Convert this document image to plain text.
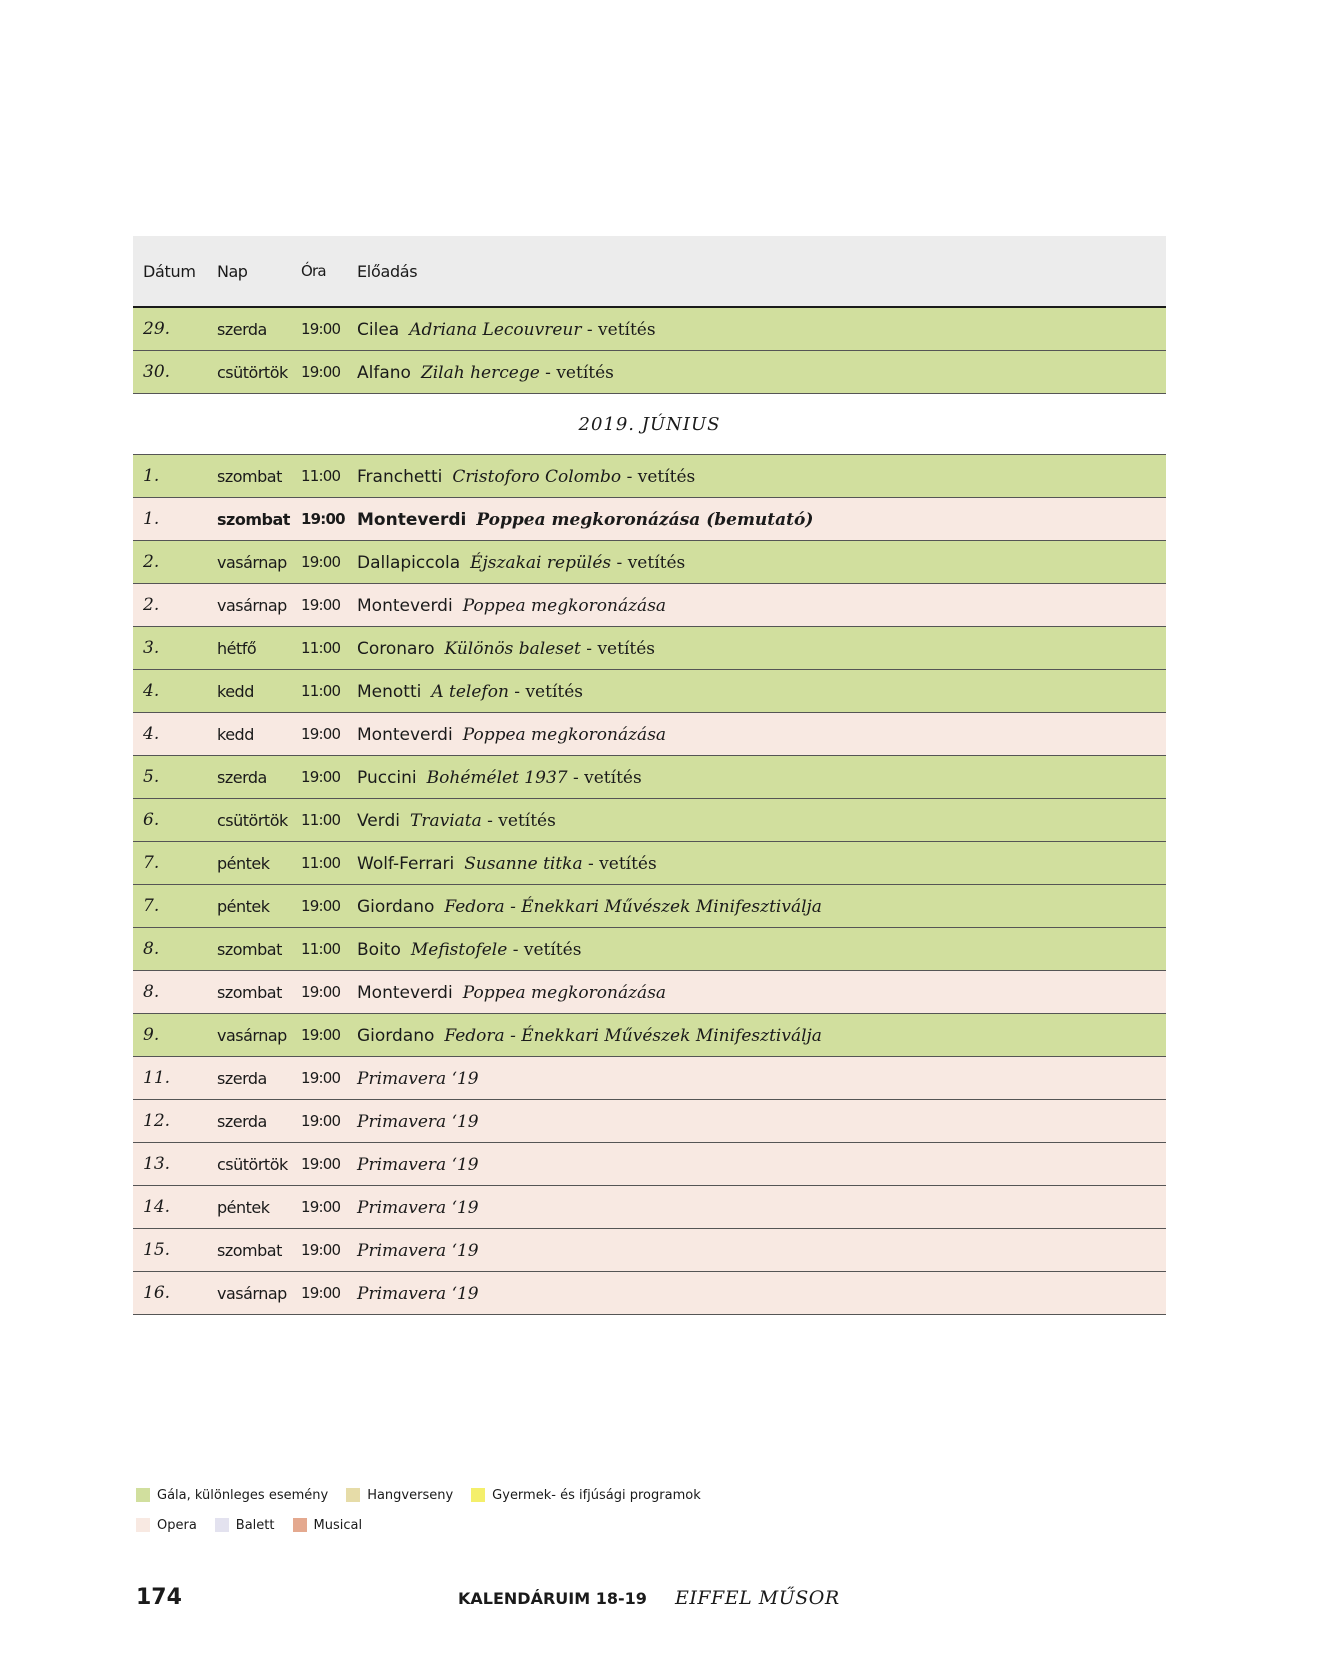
Dátum	Nap	Óra	Előadás
29.	szerda	19:00 Cilea Adriana Lecouvreur - vetítés
30.	csütörtök 19:00 Alfano Zilah hercege - vetítés
2019. JÚNIUS
1.	szombat	11:00 Franchetti Cristoforo Colombo - vetítés
1.	szombat 19:00 Monteverdi Poppea megkoronázása (bemutató)
2.	vasárnap 19:00 Dallapiccola Éjszakai repülés - vetítés
2.	vasárnap 19:00 Monteverdi Poppea megkoronázása
3.	hétfő	11:00 Coronaro Különös baleset - vetítés
4.	kedd	11:00 Menotti A telefon - vetítés
4.	kedd	19:00 Monteverdi Poppea megkoronázása
5.	szerda	19:00 Puccini Bohémélet 1937 - vetítés
6.	csütörtök 11:00 Verdi Traviata - vetítés
7.	péntek	11:00 Wolf-Ferrari Susanne titka - vetítés
7.	péntek	19:00 Giordano Fedora - Énekkari Művészek Minifesztiválja
8.	szombat	11:00 Boito Mefistofele - vetítés
8.	szombat	19:00 Monteverdi Poppea megkoronázása
9.	vasárnap 19:00 Giordano Fedora - Énekkari Művészek Minifesztiválja
11.	szerda	19:00 Primavera ‘19
12.	szerda	19:00 Primavera ‘19
13.	csütörtök 19:00 Primavera ‘19
14.	péntek	19:00 Primavera ‘19
15.	szombat	19:00 Primavera ‘19
16.	vasárnap 19:00 Primavera ‘19
Gála, különleges esemény	Hangverseny	Gyermek- és ifjúsági programok
Opera	Balett	Musical
174	KALENDÁRUIM 18-19 EIFFEL MŰSOR
